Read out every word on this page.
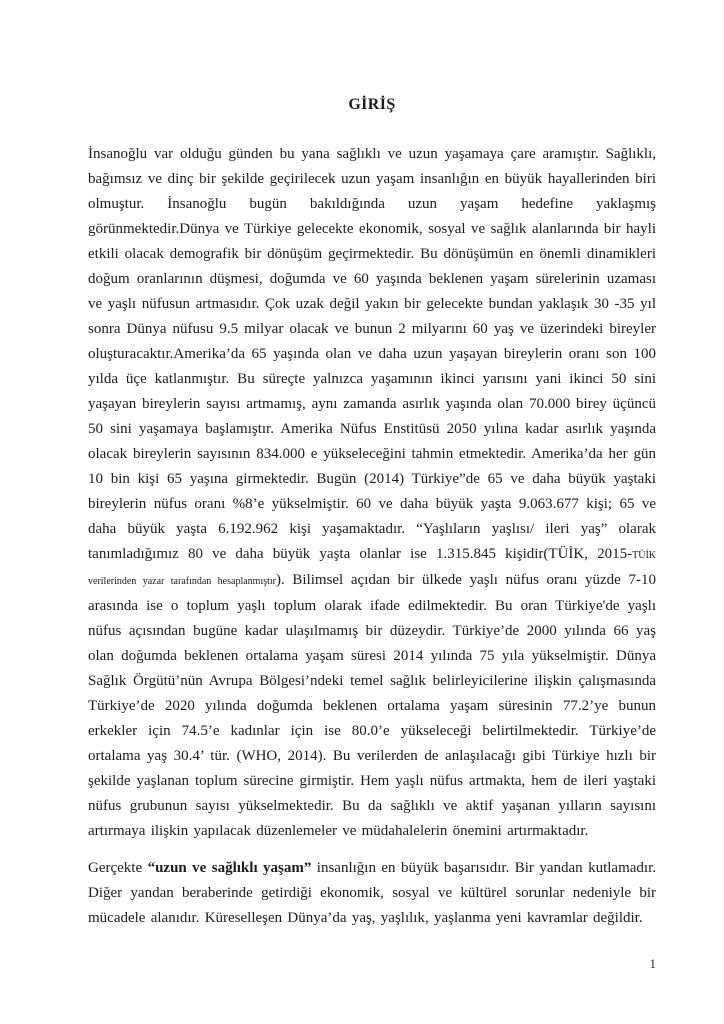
GİRİŞ

İnsanoğlu var olduğu günden bu yana sağlıklı ve uzun yaşamaya çare aramıştır. Sağlıklı, bağımsız ve dinç bir şekilde geçirilecek uzun yaşam insanlığın en büyük hayallerinden biri olmuştur. İnsanoğlu bugün bakıldığında uzun yaşam hedefine yaklaşmış görünmektedir.Dünya ve Türkiye gelecekte ekonomik, sosyal ve sağlık alanlarında bir hayli etkili olacak demografik bir dönüşüm geçirmektedir. Bu dönüşümün en önemli dinamikleri doğum oranlarının düşmesi, doğumda ve 60 yaşında beklenen yaşam sürelerinin uzaması ve yaşlı nüfusun artmasıdır. Çok uzak değil yakın bir gelecekte bundan yaklaşık 30 -35 yıl sonra Dünya nüfusu 9.5 milyar olacak ve bunun 2 milyarını 60 yaş ve üzerindeki bireyler oluşturacaktır.Amerika’da 65 yaşında olan ve daha uzun yaşayan bireylerin oranı son 100 yılda üçe katlanmıştır. Bu süreçte yalnızca yaşamının ikinci yarısını yani ikinci 50 sini yaşayan bireylerin sayısı artmamış, aynı zamanda asırlık yaşında olan 70.000 birey üçüncü 50 sini yaşamaya başlamıştır. Amerika Nüfus Enstitüsü 2050 yılına kadar asırlık yaşında olacak bireylerin sayısının 834.000 e yükseleceğini tahmin etmektedir. Amerika’da her gün 10 bin kişi 65 yaşına girmektedir. Bugün (2014) Türkiye”de 65 ve daha büyük yaştaki bireylerin nüfus oranı %8’e yükselmiştir. 60 ve daha büyük yaşta 9.063.677 kişi; 65 ve daha büyük yaşta 6.192.962 kişi yaşamaktadır. “Yaşlıların yaşlısı/ ileri yaş” olarak tanımladığımız 80 ve daha büyük yaşta olanlar ise 1.315.845 kişidir(TÜİK, 2015-TÜİK verilerinden yazar tarafından hesaplanmıştır). Bilimsel açıdan bir ülkede yaşlı nüfus oranı yüzde 7-10 arasında ise o toplum yaşlı toplum olarak ifade edilmektedir. Bu oran Türkiye'de yaşlı nüfus açısından bugüne kadar ulaşılmamış bir düzeydir. Türkiye’de 2000 yılında 66 yaş olan doğumda beklenen ortalama yaşam süresi 2014 yılında 75 yıla yükselmiştir. Dünya Sağlık Örgütü’nün Avrupa Bölgesi’ndeki temel sağlık belirleyicilerine ilişkin çalışmasında Türkiye’de 2020 yılında doğumda beklenen ortalama yaşam süresinin 77.2’ye bunun erkekler için 74.5’e kadınlar için ise 80.0’e yükseleceği belirtilmektedir. Türkiye’de ortalama yaş 30.4’ tür. (WHO, 2014). Bu verilerden de anlaşılacağı gibi Türkiye hızlı bir şekilde yaşlanan toplum sürecine girmiştir. Hem yaşlı nüfus artmakta, hem de ileri yaştaki nüfus grubunun sayısı yükselmektedir. Bu da sağlıklı ve aktif yaşanan yılların sayısını artırmaya ilişkin yapılacak düzenlemeler ve müdahalelerin önemini artırmaktadır.

Gerçekte “uzun ve sağlıklı yaşam” insanlığın en büyük başarısıdır. Bir yandan kutlamadır. Diğer yandan beraberinde getirdiği ekonomik, sosyal ve kültürel sorunlar nedeniyle bir mücadele alanıdır. Küreselleşen Dünya’da yaş, yaşlılık, yaşlanma yeni kavramlar değildir.

1
